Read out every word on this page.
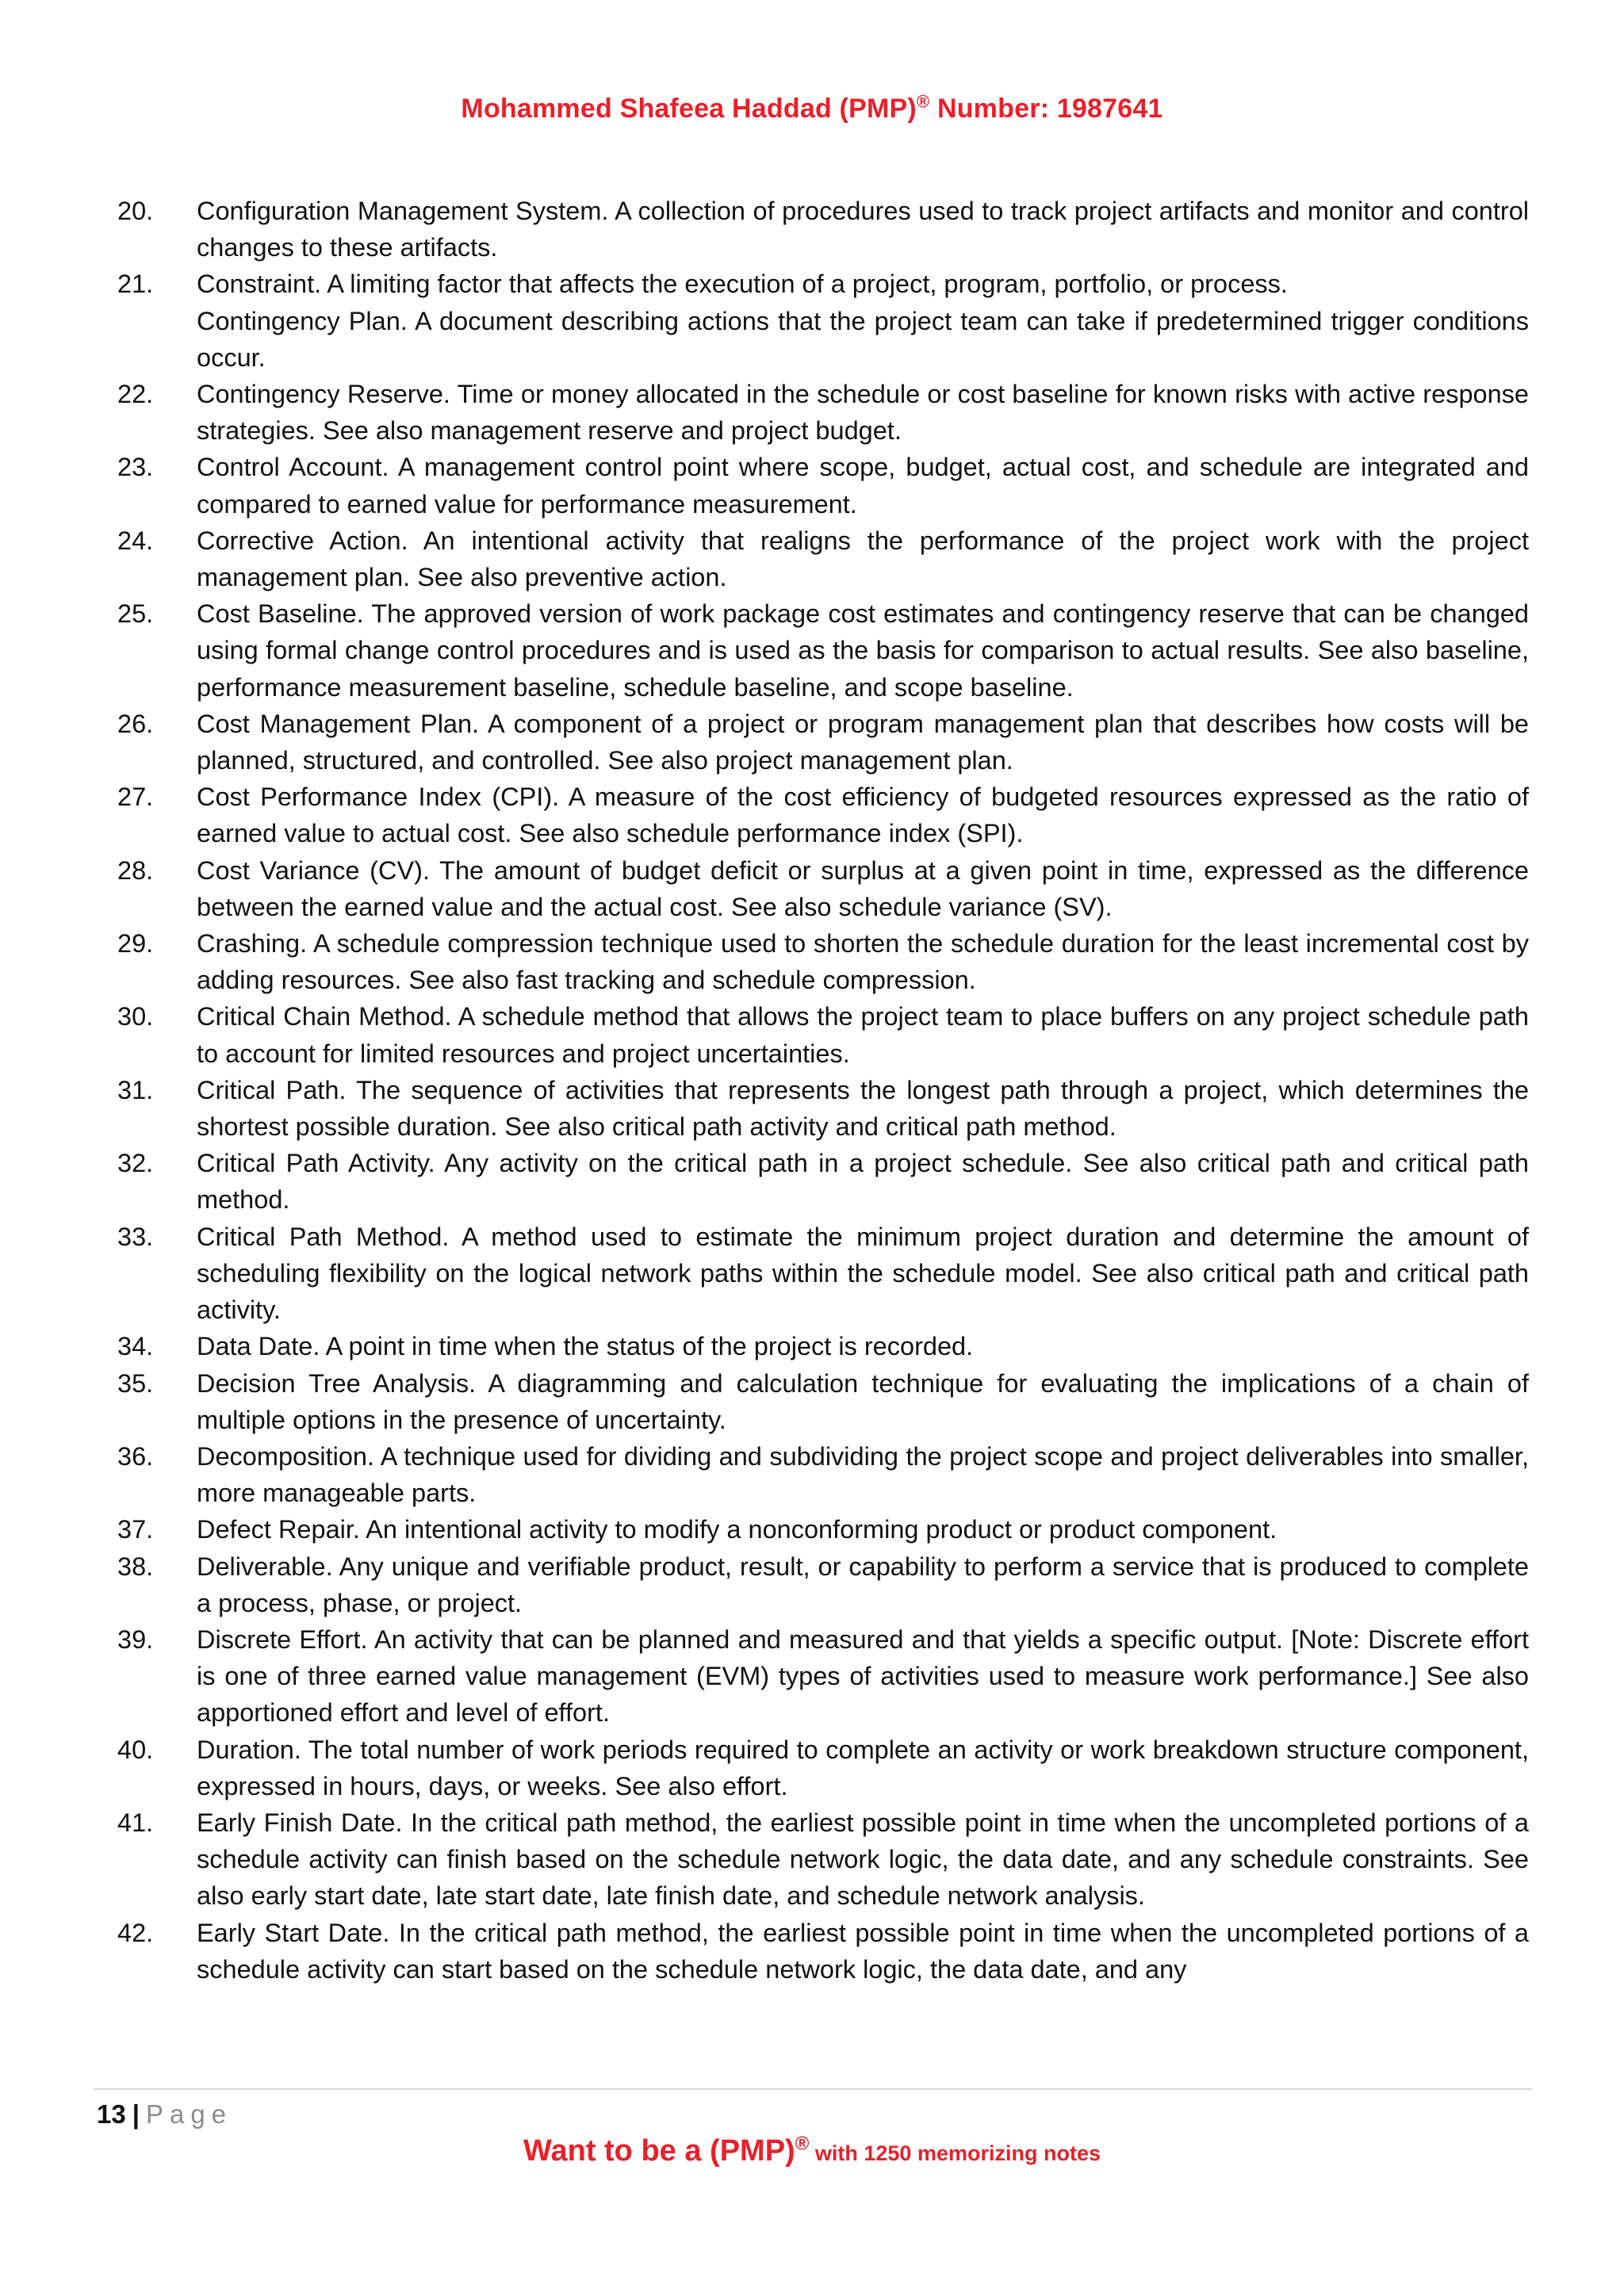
Mohammed Shafeea Haddad (PMP)® Number: 1987641
20.	Configuration Management System. A collection of procedures used to track project artifacts and monitor and control changes to these artifacts.
21.	Constraint. A limiting factor that affects the execution of a project, program, portfolio, or process.
Contingency Plan. A document describing actions that the project team can take if predetermined trigger conditions occur.
22.	Contingency Reserve. Time or money allocated in the schedule or cost baseline for known risks with active response strategies. See also management reserve and project budget.
23.	Control Account. A management control point where scope, budget, actual cost, and schedule are integrated and compared to earned value for performance measurement.
24.	Corrective Action. An intentional activity that realigns the performance of the project work with the project management plan. See also preventive action.
25.	Cost Baseline. The approved version of work package cost estimates and contingency reserve that can be changed using formal change control procedures and is used as the basis for comparison to actual results. See also baseline, performance measurement baseline, schedule baseline, and scope baseline.
26.	Cost Management Plan. A component of a project or program management plan that describes how costs will be planned, structured, and controlled. See also project management plan.
27.	Cost Performance Index (CPI). A measure of the cost efficiency of budgeted resources expressed as the ratio of earned value to actual cost. See also schedule performance index (SPI).
28.	Cost Variance (CV). The amount of budget deficit or surplus at a given point in time, expressed as the difference between the earned value and the actual cost. See also schedule variance (SV).
29.	Crashing. A schedule compression technique used to shorten the schedule duration for the least incremental cost by adding resources. See also fast tracking and schedule compression.
30.	Critical Chain Method. A schedule method that allows the project team to place buffers on any project schedule path to account for limited resources and project uncertainties.
31.	Critical Path. The sequence of activities that represents the longest path through a project, which determines the shortest possible duration. See also critical path activity and critical path method.
32.	Critical Path Activity. Any activity on the critical path in a project schedule. See also critical path and critical path method.
33.	Critical Path Method. A method used to estimate the minimum project duration and determine the amount of scheduling flexibility on the logical network paths within the schedule model. See also critical path and critical path activity.
34.	Data Date. A point in time when the status of the project is recorded.
35.	Decision Tree Analysis. A diagramming and calculation technique for evaluating the implications of a chain of multiple options in the presence of uncertainty.
36.	Decomposition. A technique used for dividing and subdividing the project scope and project deliverables into smaller, more manageable parts.
37.	Defect Repair. An intentional activity to modify a nonconforming product or product component.
38.	Deliverable. Any unique and verifiable product, result, or capability to perform a service that is produced to complete a process, phase, or project.
39.	Discrete Effort. An activity that can be planned and measured and that yields a specific output. [Note: Discrete effort is one of three earned value management (EVM) types of activities used to measure work performance.] See also apportioned effort and level of effort.
40.	Duration. The total number of work periods required to complete an activity or work breakdown structure component, expressed in hours, days, or weeks. See also effort.
41.	Early Finish Date. In the critical path method, the earliest possible point in time when the uncompleted portions of a schedule activity can finish based on the schedule network logic, the data date, and any schedule constraints. See also early start date, late start date, late finish date, and schedule network analysis.
42.	Early Start Date. In the critical path method, the earliest possible point in time when the uncompleted portions of a schedule activity can start based on the schedule network logic, the data date, and any
13 | Page
Want to be a (PMP)® with 1250 memorizing notes
